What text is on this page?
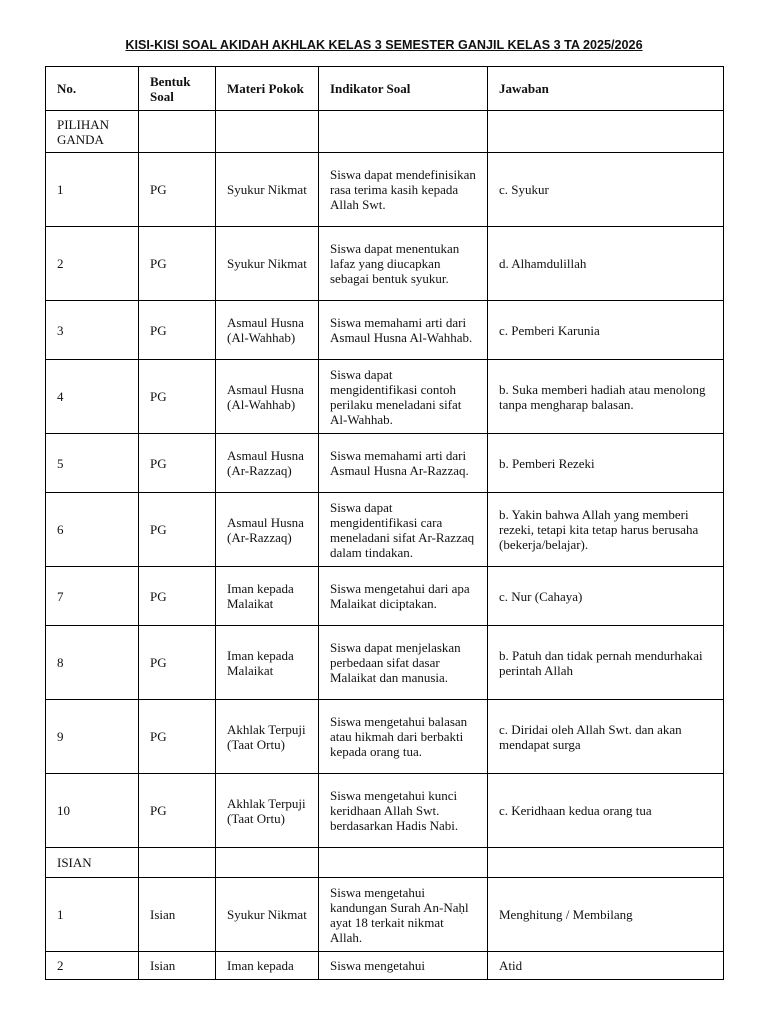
KISI-KISI SOAL AKIDAH AKHLAK KELAS 3 SEMESTER GANJIL KELAS 3 TA 2025/2026
No.	Bentuk Soal	Materi Pokok	Indikator Soal	Jawaban
PILIHAN GANDA				
1	PG	Syukur Nikmat	Siswa dapat mendefinisikan rasa terima kasih kepada Allah Swt.	c. Syukur
2	PG	Syukur Nikmat	Siswa dapat menentukan lafaz yang diucapkan sebagai bentuk syukur.	d. Alhamdulillah
3	PG	Asmaul Husna (Al-Wahhab)	Siswa memahami arti dari Asmaul Husna Al-Wahhab.	c. Pemberi Karunia
4	PG	Asmaul Husna (Al-Wahhab)	Siswa dapat mengidentifikasi contoh perilaku meneladani sifat Al-Wahhab.	b. Suka memberi hadiah atau menolong tanpa mengharap balasan.
5	PG	Asmaul Husna (Ar-Razzaq)	Siswa memahami arti dari Asmaul Husna Ar-Razzaq.	b. Pemberi Rezeki
6	PG	Asmaul Husna (Ar-Razzaq)	Siswa dapat mengidentifikasi cara meneladani sifat Ar-Razzaq dalam tindakan.	b. Yakin bahwa Allah yang memberi rezeki, tetapi kita tetap harus berusaha (bekerja/belajar).
7	PG	Iman kepada Malaikat	Siswa mengetahui dari apa Malaikat diciptakan.	c. Nur (Cahaya)
8	PG	Iman kepada Malaikat	Siswa dapat menjelaskan perbedaan sifat dasar Malaikat dan manusia.	b. Patuh dan tidak pernah mendurhakai perintah Allah
9	PG	Akhlak Terpuji (Taat Ortu)	Siswa mengetahui balasan atau hikmah dari berbakti kepada orang tua.	c. Diridai oleh Allah Swt. dan akan mendapat surga
10	PG	Akhlak Terpuji (Taat Ortu)	Siswa mengetahui kunci keridhaan Allah Swt. berdasarkan Hadis Nabi.	c. Keridhaan kedua orang tua
ISIAN				
1	Isian	Syukur Nikmat	Siswa mengetahui kandungan Surah An-Naḥl ayat 18 terkait nikmat Allah.	Menghitung / Membilang
2	Isian	Iman kepada	Siswa mengetahui	Atid
